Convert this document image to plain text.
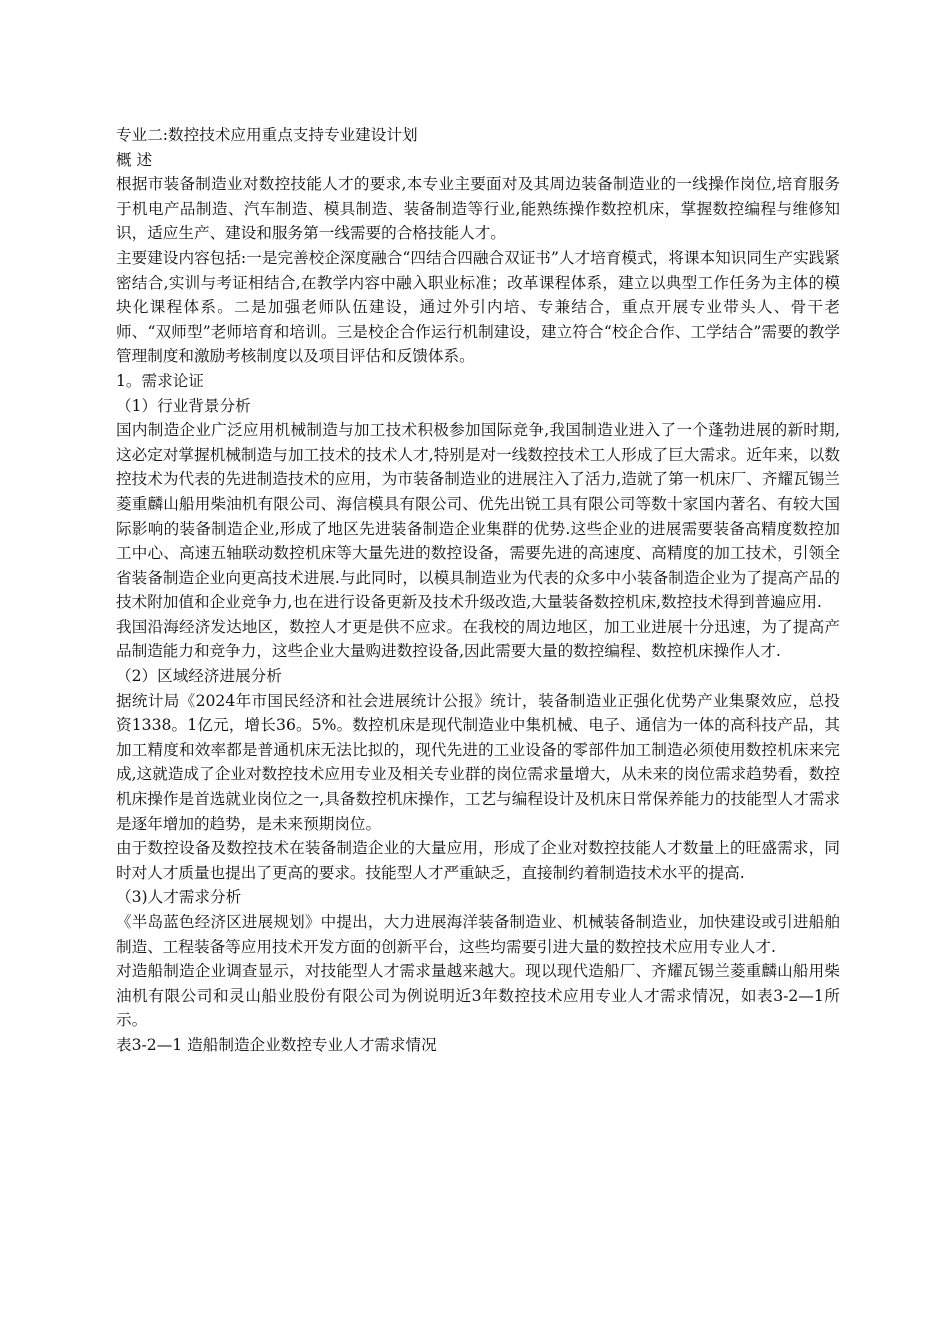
专业二:数控技术应用重点支持专业建设计划

概 述

根据市装备制造业对数控技能人才的要求,本专业主要面对及其周边装备制造业的一线操作岗位,培育服务于机电产品制造、汽车制造、模具制造、装备制造等行业,能熟练操作数控机床，掌握数控编程与维修知识，适应生产、建设和服务第一线需要的合格技能人才。

主要建设内容包括:一是完善校企深度融合“四结合四融合双证书”人才培育模式，将课本知识同生产实践紧密结合,实训与考证相结合,在教学内容中融入职业标准；改革课程体系，建立以典型工作任务为主体的模块化课程体系。二是加强老师队伍建设，通过外引内培、专兼结合，重点开展专业带头人、骨干老师、“双师型”老师培育和培训。三是校企合作运行机制建设，建立符合“校企合作、工学结合”需要的教学管理制度和激励考核制度以及项目评估和反馈体系。

1。需求论证

（1）行业背景分析

国内制造企业广泛应用机械制造与加工技术积极参加国际竞争,我国制造业进入了一个蓬勃进展的新时期,这必定对掌握机械制造与加工技术的技术人才,特别是对一线数控技术工人形成了巨大需求。近年来，以数控技术为代表的先进制造技术的应用，为市装备制造业的进展注入了活力,造就了第一机床厂、齐耀瓦锡兰菱重麟山船用柴油机有限公司、海信模具有限公司、优先出锐工具有限公司等数十家国内著名、有较大国际影响的装备制造企业,形成了地区先进装备制造企业集群的优势.这些企业的进展需要装备高精度数控加工中心、高速五轴联动数控机床等大量先进的数控设备，需要先进的高速度、高精度的加工技术，引领全省装备制造企业向更高技术进展.与此同时，以模具制造业为代表的众多中小装备制造企业为了提高产品的技术附加值和企业竞争力,也在进行设备更新及技术升级改造,大量装备数控机床,数控技术得到普遍应用.

我国沿海经济发达地区，数控人才更是供不应求。在我校的周边地区，加工业进展十分迅速，为了提高产品制造能力和竞争力，这些企业大量购进数控设备,因此需要大量的数控编程、数控机床操作人才.

（2）区域经济进展分析

据统计局《2024年市国民经济和社会进展统计公报》统计，装备制造业正强化优势产业集聚效应，总投资1338。1亿元，增长36。5%。数控机床是现代制造业中集机械、电子、通信为一体的高科技产品，其加工精度和效率都是普通机床无法比拟的，现代先进的工业设备的零部件加工制造必须使用数控机床来完成,这就造成了企业对数控技术应用专业及相关专业群的岗位需求量增大，从未来的岗位需求趋势看，数控机床操作是首选就业岗位之一,具备数控机床操作，工艺与编程设计及机床日常保养能力的技能型人才需求是逐年增加的趋势，是未来预期岗位。

由于数控设备及数控技术在装备制造企业的大量应用，形成了企业对数控技能人才数量上的旺盛需求，同时对人才质量也提出了更高的要求。技能型人才严重缺乏，直接制约着制造技术水平的提高.

（3)人才需求分析

《半岛蓝色经济区进展规划》中提出，大力进展海洋装备制造业、机械装备制造业，加快建设或引进船舶制造、工程装备等应用技术开发方面的创新平台，这些均需要引进大量的数控技术应用专业人才.

对造船制造企业调查显示，对技能型人才需求量越来越大。现以现代造船厂、齐耀瓦锡兰菱重麟山船用柴油机有限公司和灵山船业股份有限公司为例说明近3年数控技术应用专业人才需求情况，如表3-2—1所示。

表3-2—1 造船制造企业数控专业人才需求情况
